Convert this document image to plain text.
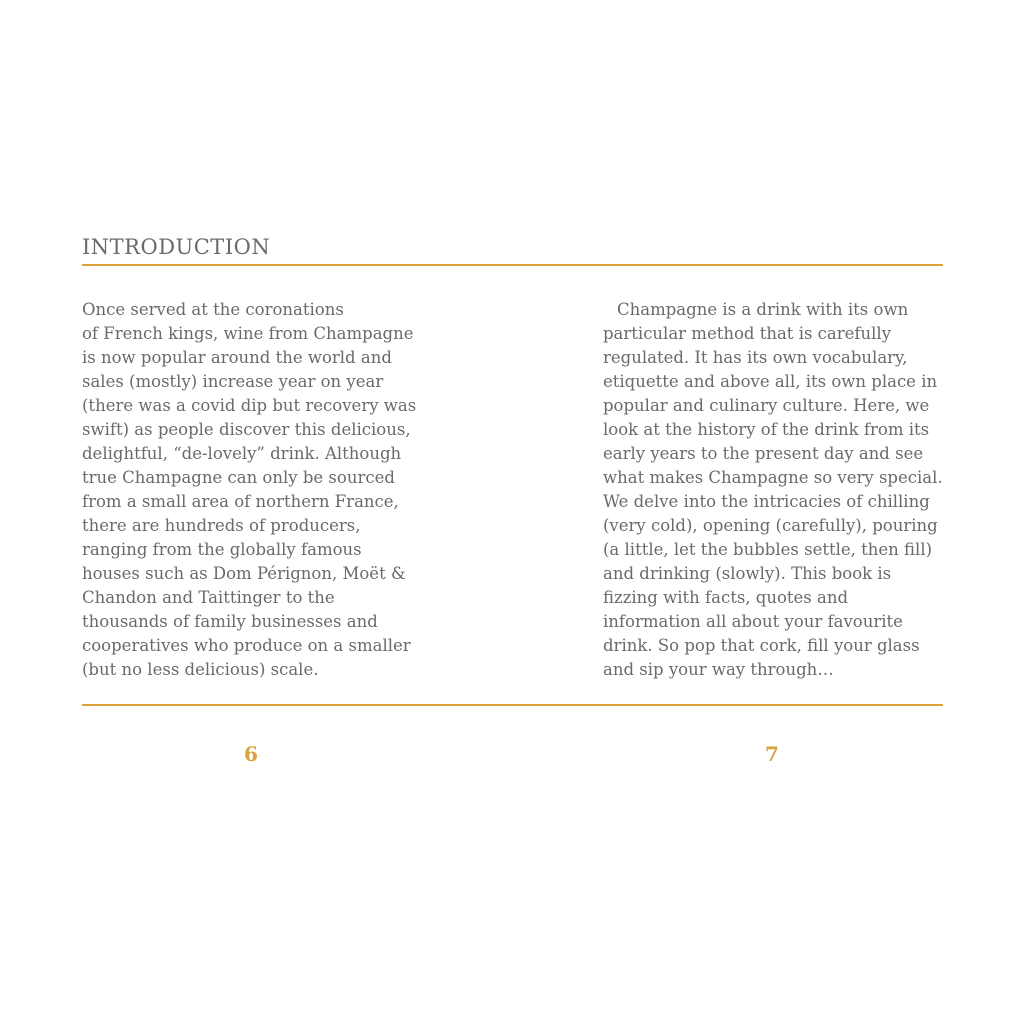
INTRODUCTION

Once served at the coronations
of French kings, wine from Champagne
is now popular around the world and
sales (mostly) increase year on year
(there was a covid dip but recovery was
swift) as people discover this delicious,
delightful, “de-lovely” drink. Although
true Champagne can only be sourced
from a small area of northern France,
there are hundreds of producers,
ranging from the globally famous
houses such as Dom Pérignon, Moët &
Chandon and Taittinger to the
thousands of family businesses and
cooperatives who produce on a smaller
(but no less delicious) scale.

Champagne is a drink with its own
particular method that is carefully
regulated. It has its own vocabulary,
etiquette and above all, its own place in
popular and culinary culture. Here, we
look at the history of the drink from its
early years to the present day and see
what makes Champagne so very special.
We delve into the intricacies of chilling
(very cold), opening (carefully), pouring
(a little, let the bubbles settle, then fill)
and drinking (slowly). This book is
fizzing with facts, quotes and
information all about your favourite
drink. So pop that cork, fill your glass
and sip your way through…

6	7
